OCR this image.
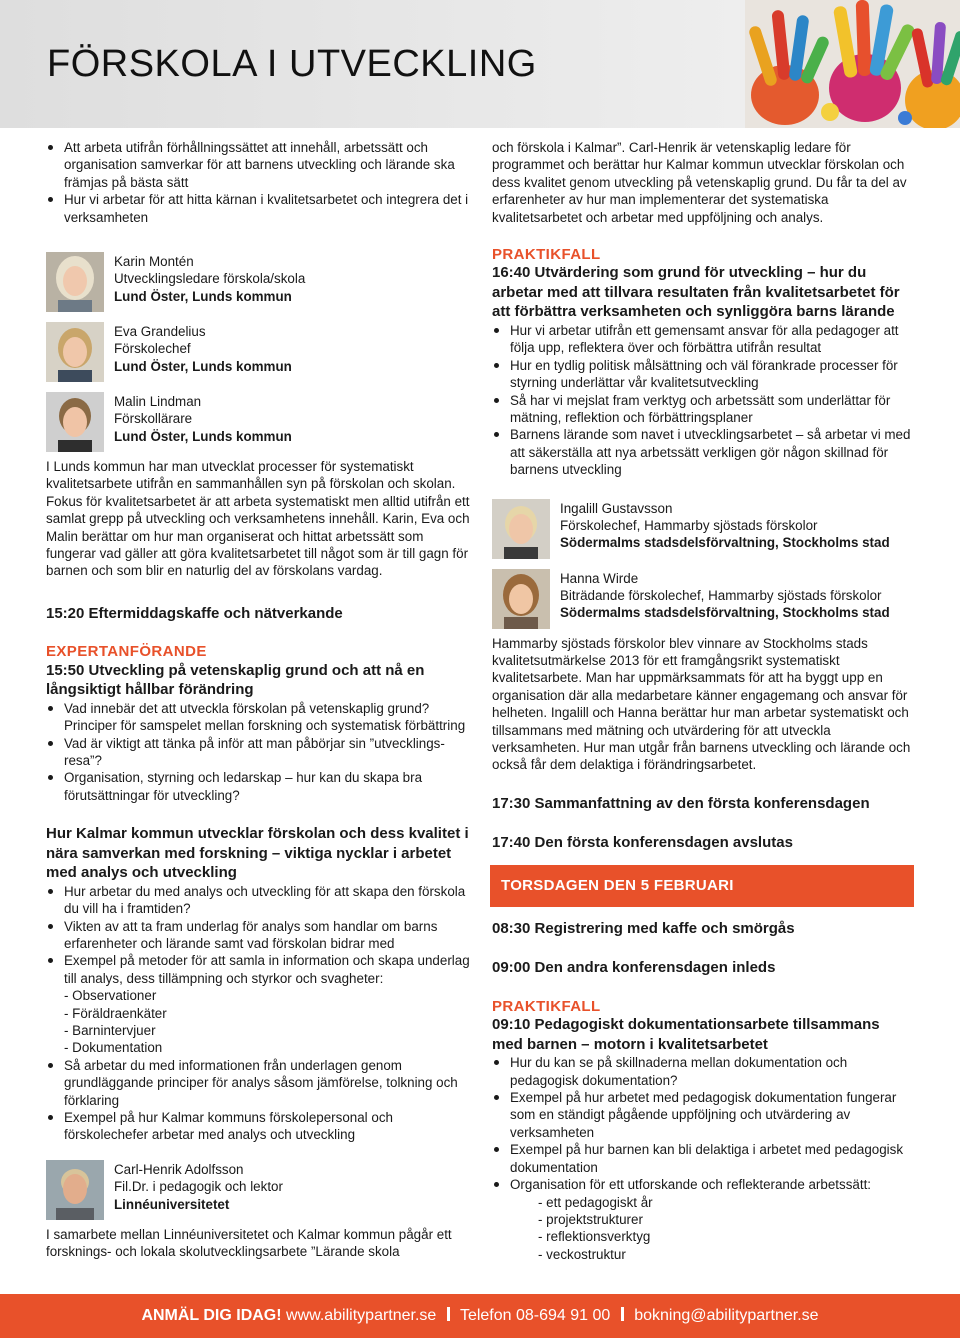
FÖRSKOLA I UTVECKLING
Att arbeta utifrån förhållningssättet att innehåll, arbetssätt och organisation samverkar för att barnens utveckling och lärande ska främjas på bästa sätt
Hur vi arbetar för att hitta kärnan i kvalitetsarbetet och integrera det i verksamheten
Karin Montén
Utvecklingsledare förskola/skola
Lund Öster, Lunds kommun
Eva Grandelius
Förskolechef
Lund Öster, Lunds kommun
Malin Lindman
Förskollärare
Lund Öster, Lunds kommun

I Lunds kommun har man utvecklat processer för systematiskt kvalitetsarbete utifrån en sammanhållen syn på förskolan och skolan. Fokus för kvalitetsarbetet är att arbeta systematiskt men alltid utifrån ett samlat grepp på utveckling och verksamhetens innehåll. Karin, Eva och Malin berättar om hur man organiserat och hittat arbetssätt som fungerar vad gäller att göra kvalitetsarbetet till något som är till gagn för barnen och som blir en naturlig del av förskolans vardag.

15:20 Eftermiddagskaffe och nätverkande
EXPERTANFÖRANDE
15:50 Utveckling på vetenskaplig grund och att nå en långsiktigt hållbar förändring
Vad innebär det att utveckla förskolan på vetenskaplig grund? Principer för samspelet mellan forskning och systematisk förbättring
Vad är viktigt att tänka på inför att man påbörjar sin ”utvecklings-resa”?
Organisation, styrning och ledarskap – hur kan du skapa bra förutsättningar för utveckling?
Hur Kalmar kommun utvecklar förskolan och dess kvalitet i nära samverkan med forskning – viktiga nycklar i arbetet med analys och utveckling
Hur arbetar du med analys och utveckling för att skapa den förskola du vill ha i framtiden?
Vikten av att ta fram underlag för analys som handlar om barns erfarenheter och lärande samt vad förskolan bidrar med
Exempel på metoder för att samla in information och skapa underlag till analys, dess tillämpning och styrkor och svagheter:
- Observationer
- Föräldraenkäter
- Barnintervjuer
- Dokumentation
Så arbetar du med informationen från underlagen genom grundläggande principer för analys såsom jämförelse, tolkning och förklaring
Exempel på hur Kalmar kommuns förskolepersonal och förskolechefer arbetar med analys och utveckling
Carl-Henrik Adolfsson
Fil.Dr. i pedagogik och lektor
Linnéuniversitetet

I samarbete mellan Linnéuniversitetet och Kalmar kommun pågår ett forsknings- och lokala skolutvecklingsarbete ”Lärande skola

och förskola i Kalmar”. Carl-Henrik är vetenskaplig ledare för programmet och berättar hur Kalmar kommun utvecklar förskolan och dess kvalitet genom utveckling på vetenskaplig grund. Du får ta del av erfarenheter av hur man implementerar det systematiska kvalitetsarbetet och arbetar med uppföljning och analys.

PRAKTIKFALL
16:40 Utvärdering som grund för utveckling – hur du arbetar med att tillvara resultaten från kvalitetsarbetet för att förbättra verksamheten och synliggöra barns lärande
Hur vi arbetar utifrån ett gemensamt ansvar för alla pedagoger att följa upp, reflektera över och förbättra utifrån resultat
Hur en tydlig politisk målsättning och väl förankrade processer för styrning underlättar vår kvalitetsutveckling
Så har vi mejslat fram verktyg och arbetssätt som underlättar för mätning, reflektion och förbättringsplaner
Barnens lärande som navet i utvecklingsarbetet – så arbetar vi med att säkerställa att nya arbetssätt verkligen gör någon skillnad för barnens utveckling
Ingalill Gustavsson
Förskolechef, Hammarby sjöstads förskolor
Södermalms stadsdelsförvaltning, Stockholms stad
Hanna Wirde
Biträdande förskolechef, Hammarby sjöstads förskolor
Södermalms stadsdelsförvaltning, Stockholms stad

Hammarby sjöstads förskolor blev vinnare av Stockholms stads kvalitetsutmärkelse 2013 för ett framgångsrikt systematiskt kvalitetsarbete. Man har uppmärksammats för att ha byggt upp en organisation där alla medarbetare känner engagemang och ansvar för helheten. Ingalill och Hanna berättar hur man arbetar systematiskt och tillsammans med mätning och utvärdering för att utveckla verksamheten. Hur man utgår från barnens utveckling och lärande och också får dem delaktiga i förändringsarbetet.

17:30 Sammanfattning av den första konferensdagen
17:40 Den första konferensdagen avslutas
TORSDAGEN DEN 5 FEBRUARI
08:30 Registrering med kaffe och smörgås
09:00 Den andra konferensdagen inleds
PRAKTIKFALL
09:10 Pedagogiskt dokumentationsarbete tillsammans med barnen – motorn i kvalitetsarbetet
Hur du kan se på skillnaderna mellan dokumentation och pedagogisk dokumentation?
Exempel på hur arbetet med pedagogisk dokumentation fungerar som en ständigt pågående uppföljning och utvärdering av verksamheten
Exempel på hur barnen kan bli delaktiga i arbetet med pedagogisk dokumentation
Organisation för ett utforskande och reflekterande arbetssätt:
- ett pedagogiskt år
- projektstrukturer
- reflektionsverktyg
- veckostruktur
ANMÄL DIG IDAG! www.abilitypartner.se Telefon 08-694 91 00 bokning@abilitypartner.se
